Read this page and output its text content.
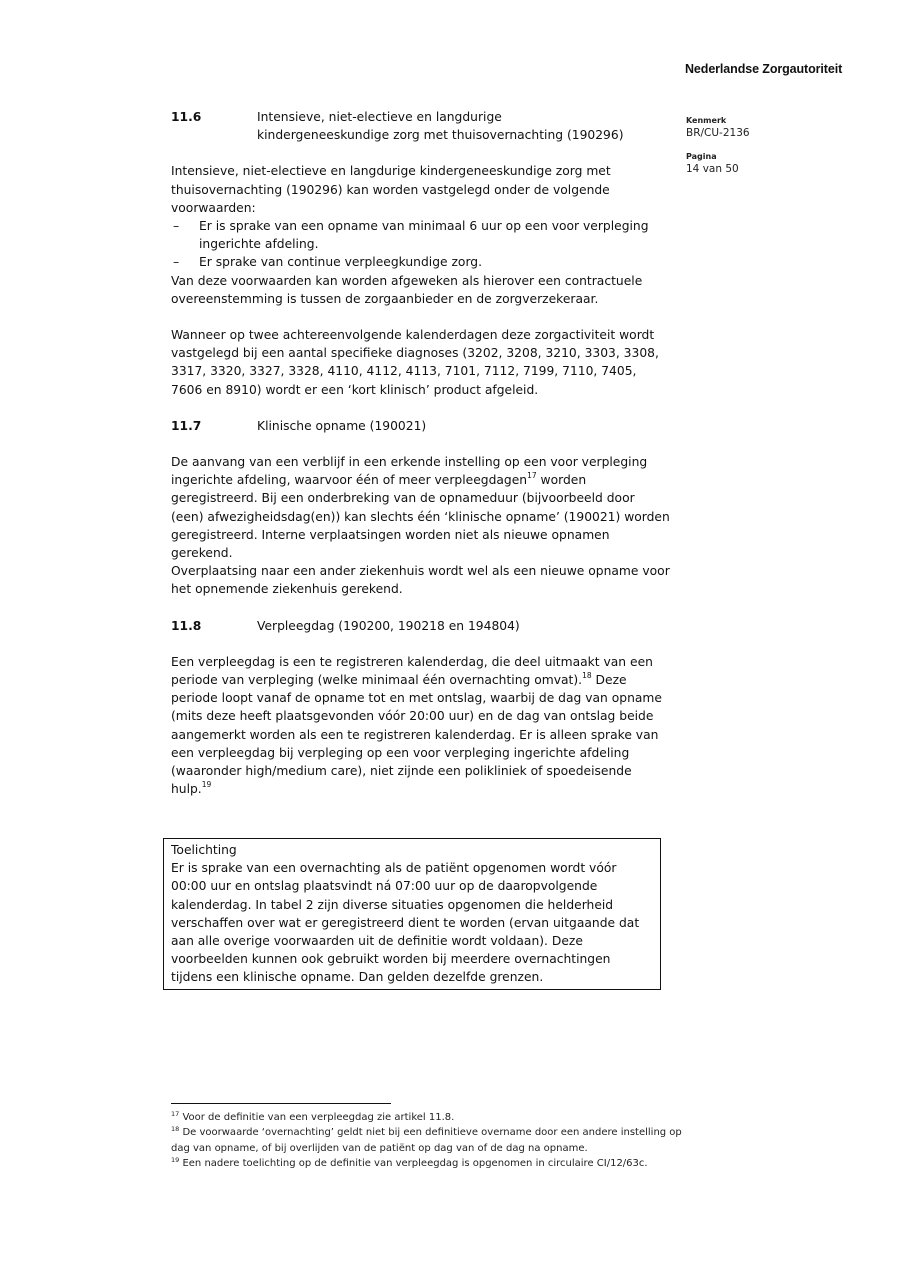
Nederlandse Zorgautoriteit
Kenmerk
BR/CU-2136
Pagina
14 van 50
11.6	Intensieve, niet-electieve en langdurige
kindergeneeskundige zorg met thuisovernachting (190296)

Intensieve, niet-electieve en langdurige kindergeneeskundige zorg met thuisovernachting (190296) kan worden vastgelegd onder de volgende voorwaarden:

–	Er is sprake van een opname van minimaal 6 uur op een voor verpleging ingerichte afdeling.
–	Er sprake van continue verpleegkundige zorg.

Van deze voorwaarden kan worden afgeweken als hierover een contractuele overeenstemming is tussen de zorgaanbieder en de zorgverzekeraar.

Wanneer op twee achtereenvolgende kalenderdagen deze zorgactiviteit wordt vastgelegd bij een aantal specifieke diagnoses (3202, 3208, 3210, 3303, 3308, 3317, 3320, 3327, 3328, 4110, 4112, 4113, 7101, 7112, 7199, 7110, 7405, 7606 en 8910) wordt er een ‘kort klinisch’ product afgeleid.

11.7	Klinische opname (190021)

De aanvang van een verblijf in een erkende instelling op een voor verpleging ingerichte afdeling, waarvoor één of meer verpleegdagen$^{17}$ worden geregistreerd. Bij een onderbreking van de opnameduur (bijvoorbeeld door (een) afwezigheidsdag(en)) kan slechts één ‘klinische opname’ (190021) worden geregistreerd. Interne verplaatsingen worden niet als nieuwe opnamen gerekend.

Overplaatsing naar een ander ziekenhuis wordt wel als een nieuwe opname voor het opnemende ziekenhuis gerekend.

11.8	Verpleegdag (190200, 190218 en 194804)

Een verpleegdag is een te registreren kalenderdag, die deel uitmaakt van een periode van verpleging (welke minimaal één overnachting omvat).$^{18}$ Deze periode loopt vanaf de opname tot en met ontslag, waarbij de dag van opname (mits deze heeft plaatsgevonden vóór 20:00 uur) en de dag van ontslag beide aangemerkt worden als een te registreren kalenderdag. Er is alleen sprake van een verpleegdag bij verpleging op een voor verpleging ingerichte afdeling (waaronder high/medium care), niet zijnde een polikliniek of spoedeisende hulp.$^{19}$

Toelichting
Er is sprake van een overnachting als de patiënt opgenomen wordt vóór 00:00 uur en ontslag plaatsvindt ná 07:00 uur op de daaropvolgende kalenderdag. In tabel 2 zijn diverse situaties opgenomen die helderheid verschaffen over wat er geregistreerd dient te worden (ervan uitgaande dat aan alle overige voorwaarden uit de definitie wordt voldaan). Deze voorbeelden kunnen ook gebruikt worden bij meerdere overnachtingen tijdens een klinische opname. Dan gelden dezelfde grenzen.
$^{17}$ Voor de definitie van een verpleegdag zie artikel 11.8.
$^{18}$ De voorwaarde ‘overnachting’ geldt niet bij een definitieve overname door een andere instelling op dag van opname, of bij overlijden van de patiënt op dag van of de dag na opname.
$^{19}$ Een nadere toelichting op de definitie van verpleegdag is opgenomen in circulaire CI/12/63c.
